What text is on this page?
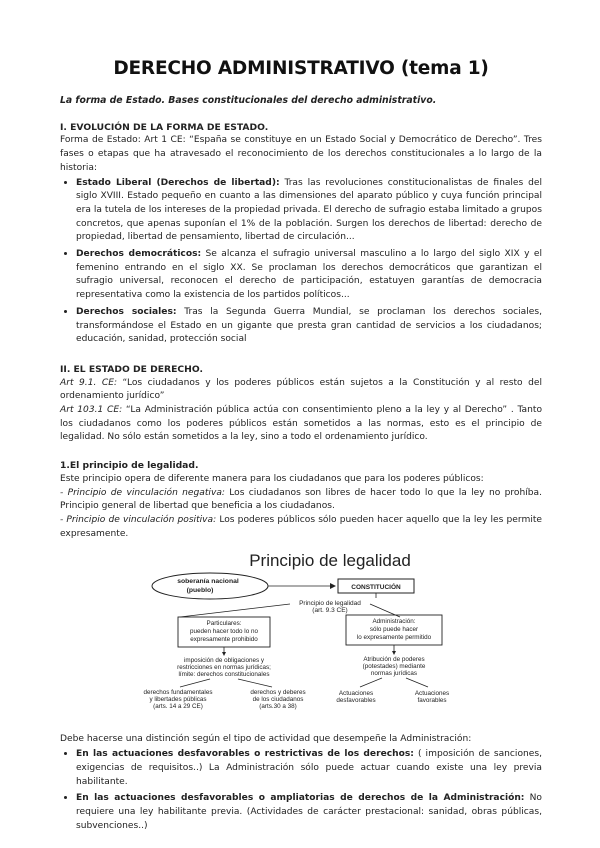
DERECHO ADMINISTRATIVO (tema 1)

La forma de Estado. Bases constitucionales del derecho administrativo.

I. EVOLUCIÓN DE LA FORMA DE ESTADO.

Forma de Estado: Art 1 CE: “España se constituye en un Estado Social y Democrático de Derecho”. Tres fases o etapas que ha atravesado el reconocimiento de los derechos constitucionales a lo largo de la historia:

• Estado Liberal (Derechos de libertad): Tras las revoluciones constitucionalistas de finales del siglo XVIII. Estado pequeño en cuanto a las dimensiones del aparato público y cuya función principal era la tutela de los intereses de la propiedad privada. El derecho de sufragio estaba limitado a grupos concretos, que apenas suponían el 1% de la población. Surgen los derechos de libertad: derecho de propiedad, libertad de pensamiento, libertad de circulación...
• Derechos democráticos: Se alcanza el sufragio universal masculino a lo largo del siglo XIX y el femenino entrando en el siglo XX. Se proclaman los derechos democráticos que garantizan el sufragio universal, reconocen el derecho de participación, estatuyen garantías de democracia representativa como la existencia de los partidos políticos...
• Derechos sociales: Tras la Segunda Guerra Mundial, se proclaman los derechos sociales, transformándose el Estado en un gigante que presta gran cantidad de servicios a los ciudadanos; educación, sanidad, protección social

II. EL ESTADO DE DERECHO.

Art 9.1. CE: “Los ciudadanos y los poderes públicos están sujetos a la Constitución y al resto del ordenamiento jurídico”

Art 103.1 CE: “La Administración pública actúa con consentimiento pleno a la ley y al Derecho” . Tanto los ciudadanos como los poderes públicos están sometidos a las normas, esto es el principio de legalidad. No sólo están sometidos a la ley, sino a todo el ordenamiento jurídico.

1.El principio de legalidad.

Este principio opera de diferente manera para los ciudadanos que para los poderes públicos:

- Principio de vinculación negativa: Los ciudadanos son libres de hacer todo lo que la ley no prohíba. Principio general de libertad que beneficia a los ciudadanos.

- Principio de vinculación positiva: Los poderes públicos sólo pueden hacer aquello que la ley les permite expresamente.

Principio de legalidad
soberanía nacional
(pueblo)	CONSTITUCIÓN
Principio de legalidad
(art. 9.3 CE)
Particulares:
pueden hacer todo lo no
expresamente prohibido
Administración:
sólo puede hacer
lo expresamente permitido
imposición de obligaciones y
restricciones en normas jurídicas;
límite: derechos constitucionales
Atribución de poderes
(potestades) mediante
normas jurídicas
derechos fundamentales
y libertades públicas
(arts. 14 a 29 CE)
derechos y deberes
de los ciudadanos
(arts.30 a 38)
Actuaciones
desfavorables
Actuaciones
favorables

Debe hacerse una distinción según el tipo de actividad que desempeñe la Administración:

• En las actuaciones desfavorables o restrictivas de los derechos: ( imposición de sanciones, exigencias de requisitos..) La Administración sólo puede actuar cuando existe una ley previa habilitante.
• En las actuaciones desfavorables o ampliatorias de derechos de la Administración: No requiere una ley habilitante previa. (Actividades de carácter prestacional: sanidad, obras públicas, subvenciones..)
